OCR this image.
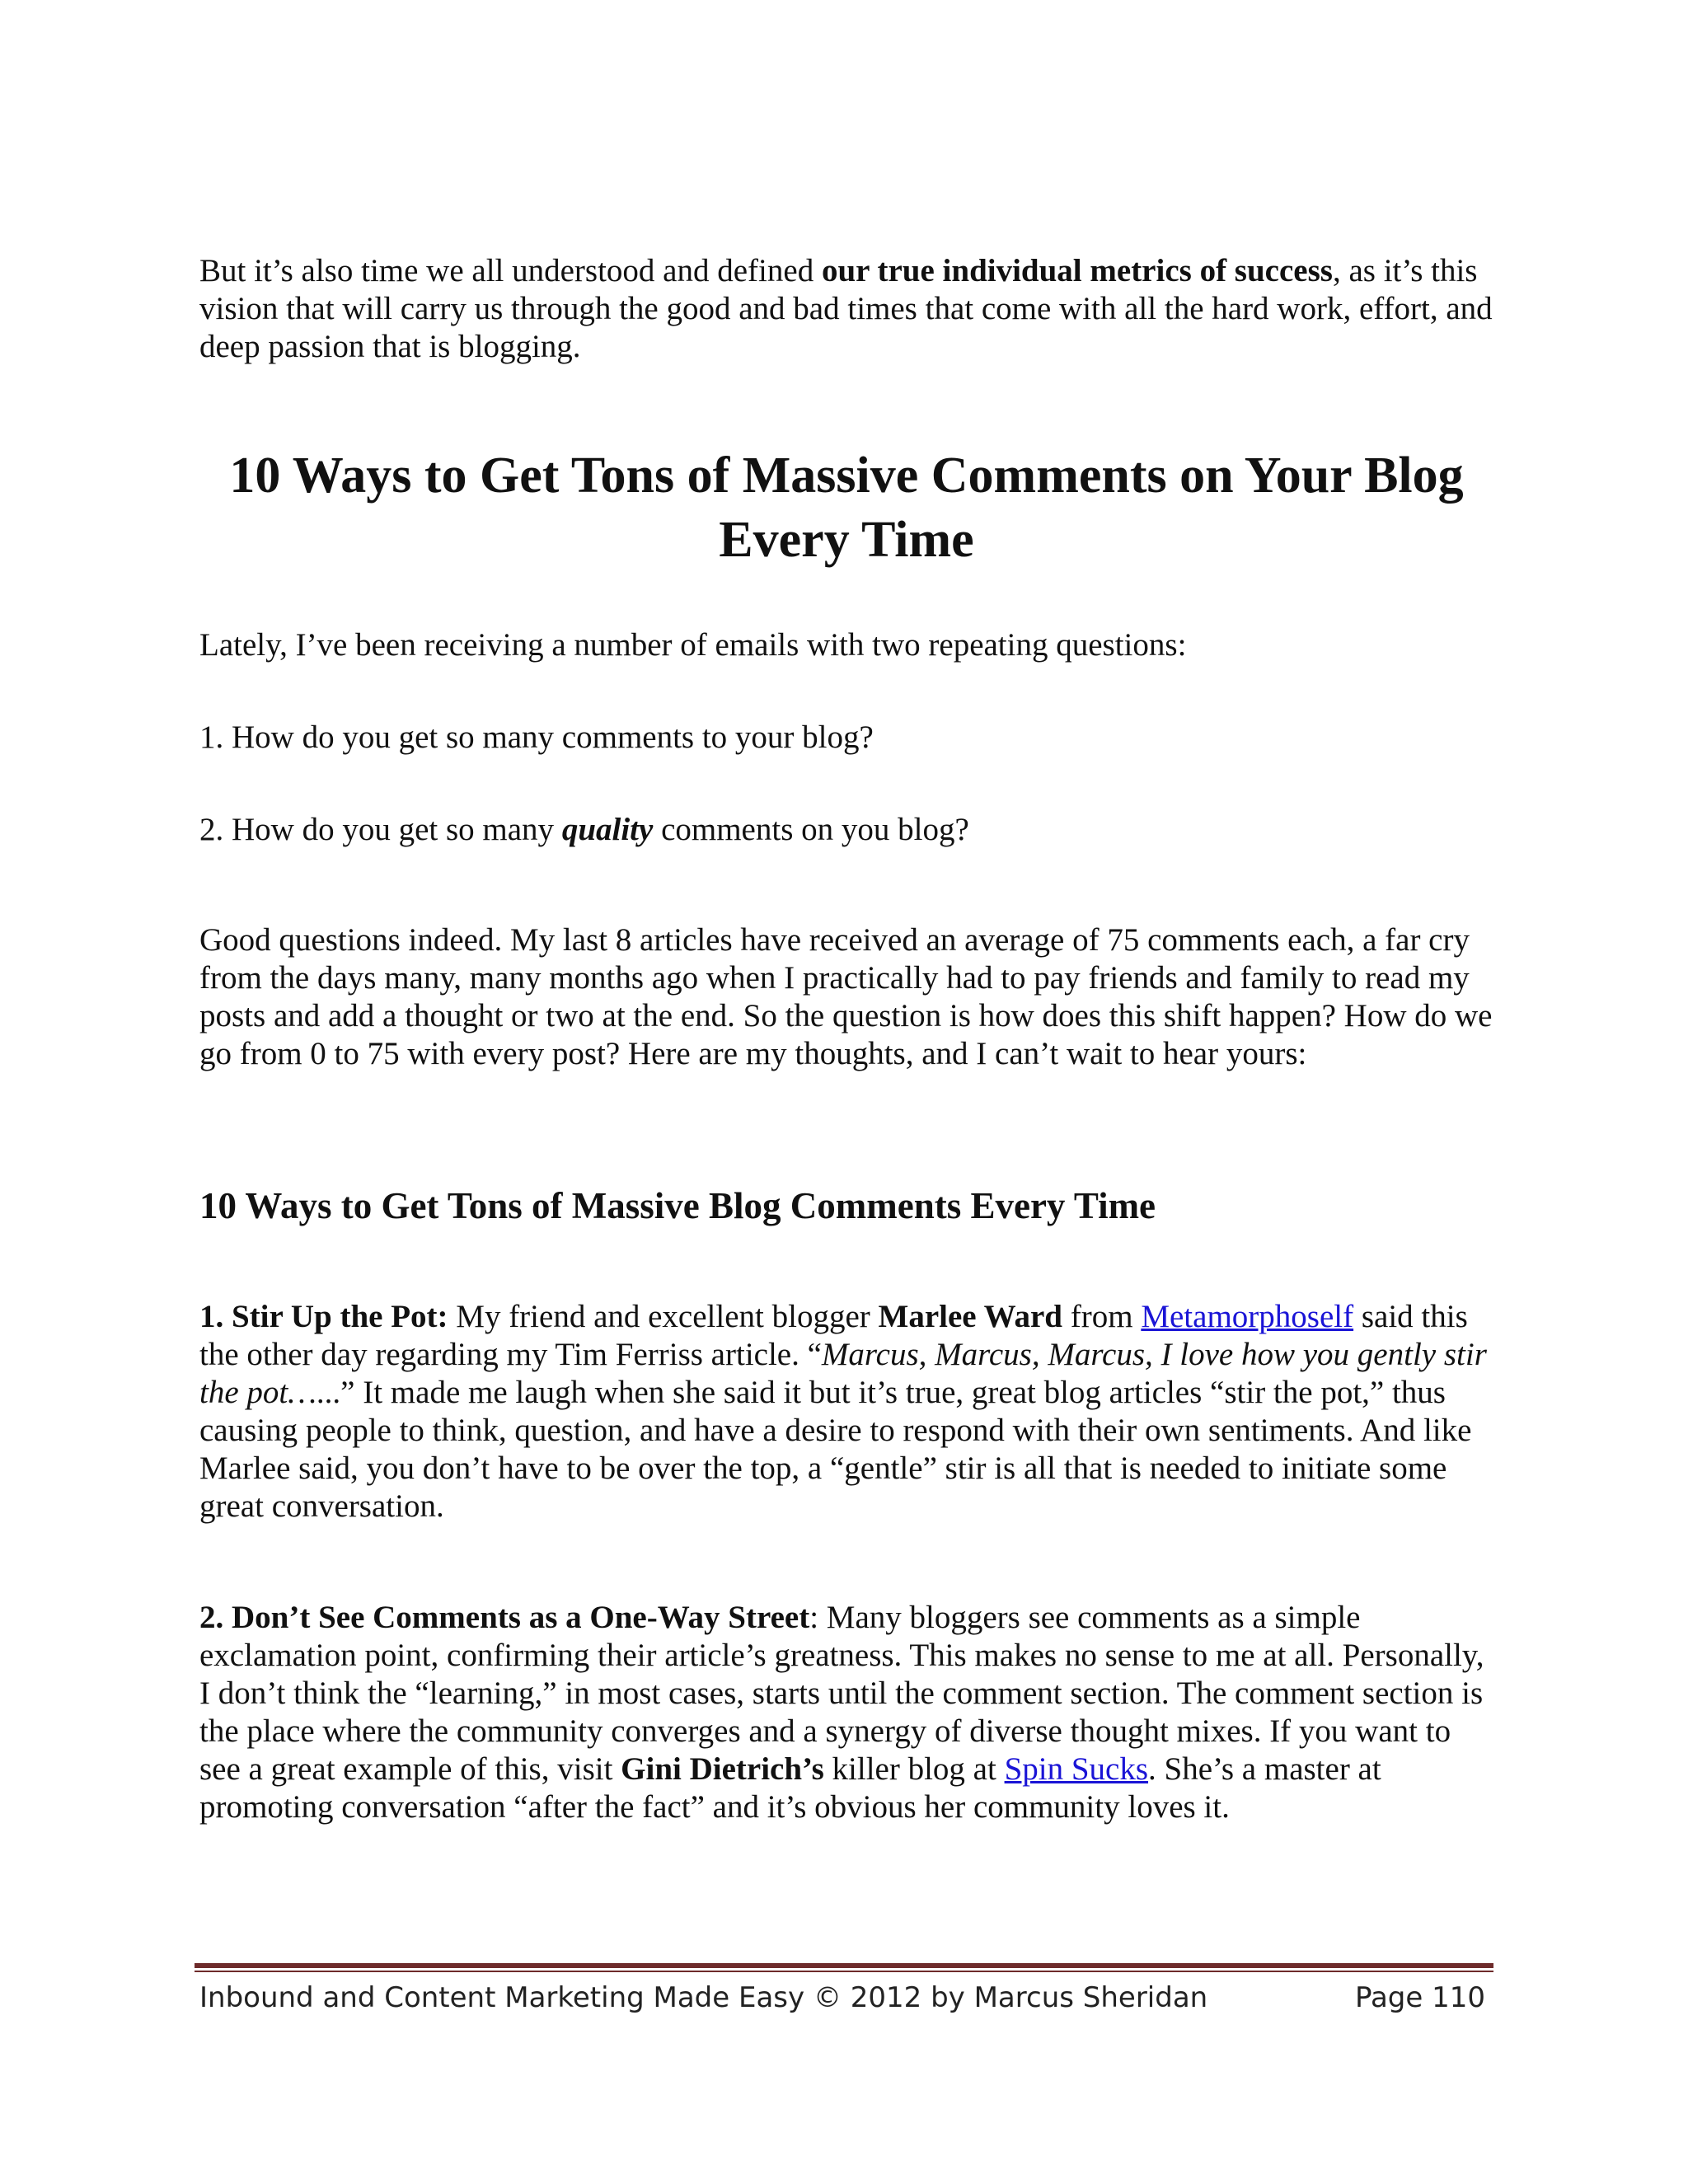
But it’s also time we all understood and defined our true individual metrics of success, as it’s this vision that will carry us through the good and bad times that come with all the hard work, effort, and deep passion that is blogging.

10 Ways to Get Tons of Massive Comments on Your Blog
Every Time

Lately, I’ve been receiving a number of emails with two repeating questions:

1. How do you get so many comments to your blog?

2. How do you get so many quality comments on you blog?

Good questions indeed. My last 8 articles have received an average of 75 comments each, a far cry from the days many, many months ago when I practically had to pay friends and family to read my posts and add a thought or two at the end. So the question is how does this shift happen? How do we go from 0 to 75 with every post? Here are my thoughts, and I can’t wait to hear yours:

10 Ways to Get Tons of Massive Blog Comments Every Time

1. Stir Up the Pot: My friend and excellent blogger Marlee Ward from Metamorphoself said this the other day regarding my Tim Ferriss article. “Marcus, Marcus, Marcus, I love how you gently stir the pot…...” It made me laugh when she said it but it’s true, great blog articles “stir the pot,” thus causing people to think, question, and have a desire to respond with their own sentiments. And like Marlee said, you don’t have to be over the top, a “gentle” stir is all that is needed to initiate some great conversation.

2. Don’t See Comments as a One-Way Street: Many bloggers see comments as a simple exclamation point, confirming their article’s greatness. This makes no sense to me at all. Personally, I don’t think the “learning,” in most cases, starts until the comment section. The comment section is the place where the community converges and a synergy of diverse thought mixes. If you want to see a great example of this, visit Gini Dietrich’s killer blog at Spin Sucks. She’s a master at promoting conversation “after the fact” and it’s obvious her community loves it.

Inbound and Content Marketing Made Easy © 2012 by Marcus Sheridan	Page 110
